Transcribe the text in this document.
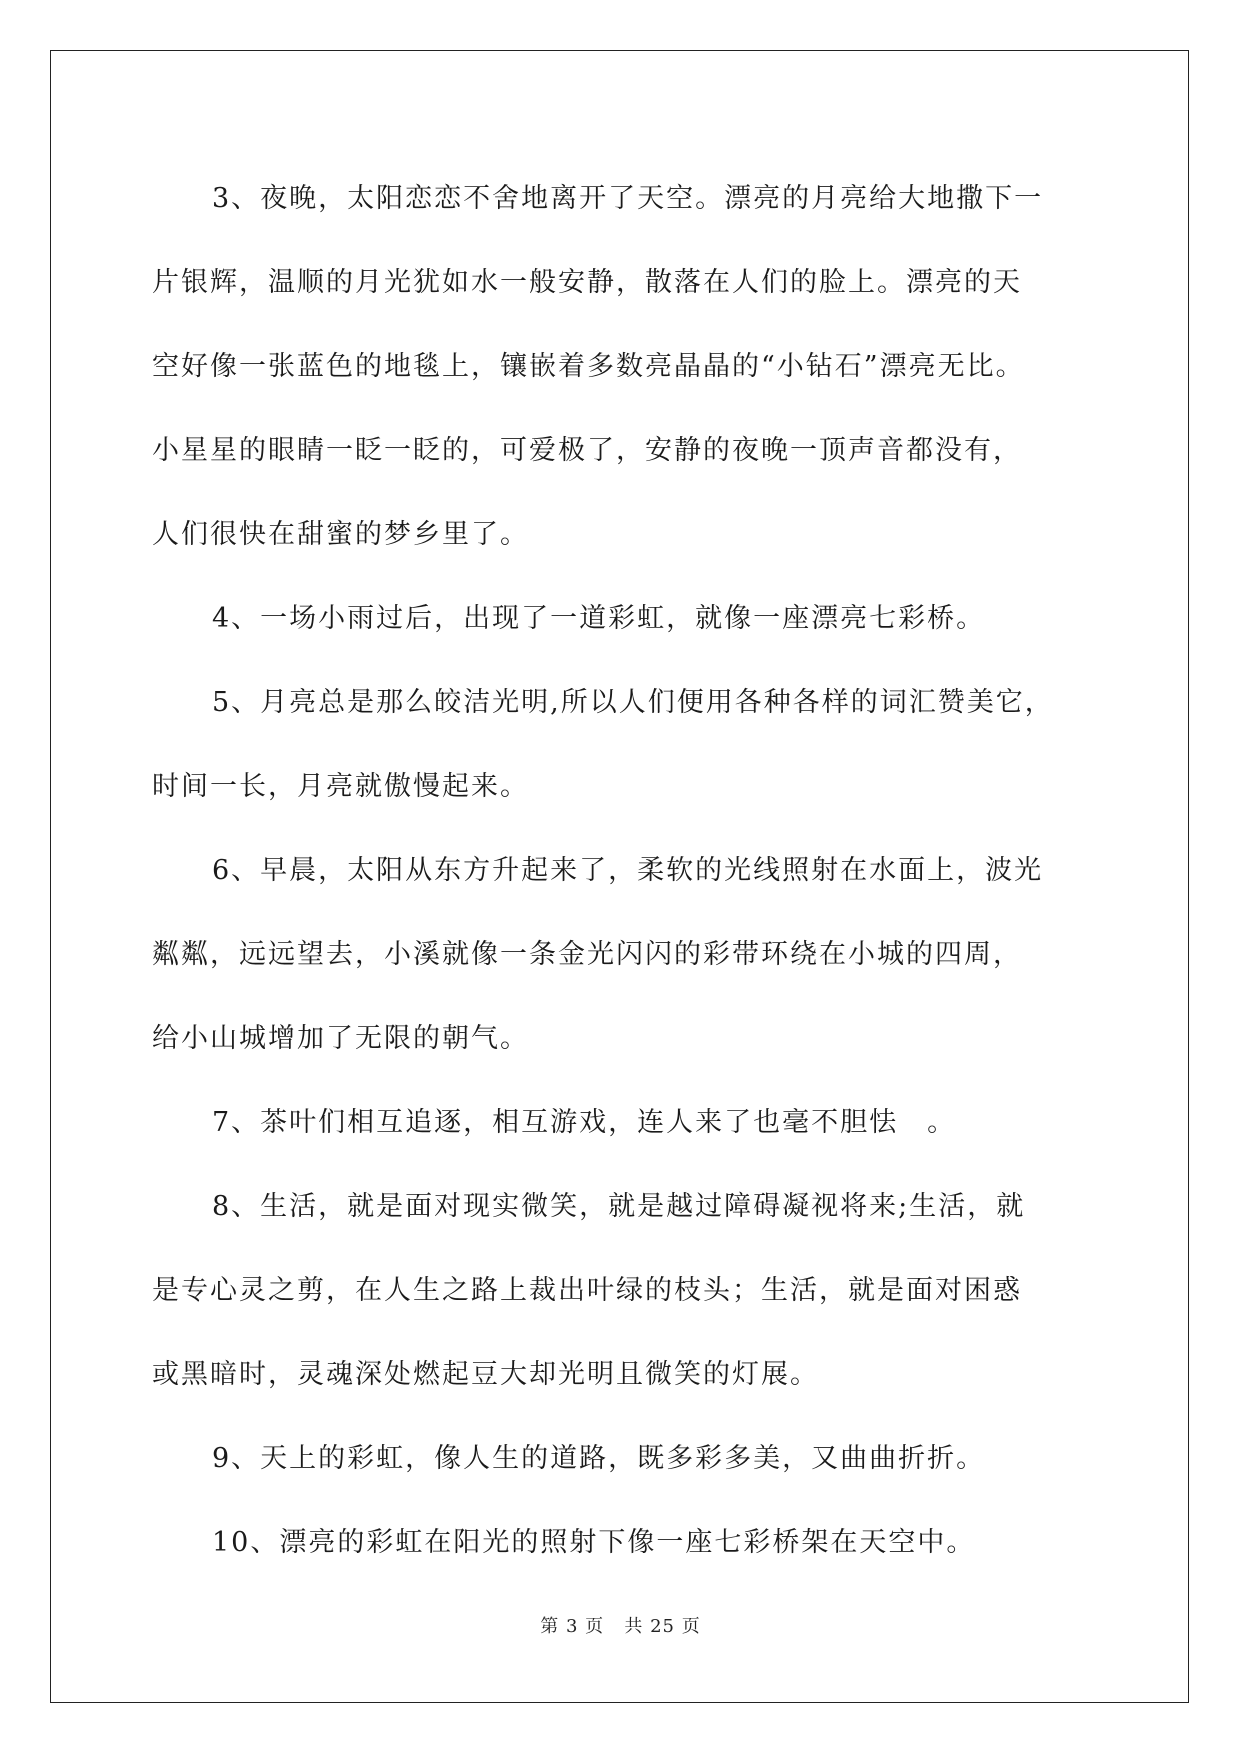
3、夜晚，太阳恋恋不舍地离开了天空。漂亮的月亮给大地撒下一
片银辉，温顺的月光犹如水一般安静，散落在人们的脸上。漂亮的天
空好像一张蓝色的地毯上，镶嵌着多数亮晶晶的“小钻石”漂亮无比。
小星星的眼睛一眨一眨的，可爱极了，安静的夜晚一顶声音都没有，
人们很快在甜蜜的梦乡里了。
4、一场小雨过后，出现了一道彩虹，就像一座漂亮七彩桥。
5、月亮总是那么皎洁光明,所以人们便用各种各样的词汇赞美它，
时间一长，月亮就傲慢起来。
6、早晨，太阳从东方升起来了，柔软的光线照射在水面上，波光
粼粼，远远望去，小溪就像一条金光闪闪的彩带环绕在小城的四周，
给小山城增加了无限的朝气。
7、茶叶们相互追逐，相互游戏，连人来了也毫不胆怯　。
8、生活，就是面对现实微笑，就是越过障碍凝视将来;生活，就
是专心灵之剪，在人生之路上裁出叶绿的枝头；生活，就是面对困惑
或黑暗时，灵魂深处燃起豆大却光明且微笑的灯展。
9、天上的彩虹，像人生的道路，既多彩多美，又曲曲折折。
10、漂亮的彩虹在阳光的照射下像一座七彩桥架在天空中。
第 3 页 共 25 页
